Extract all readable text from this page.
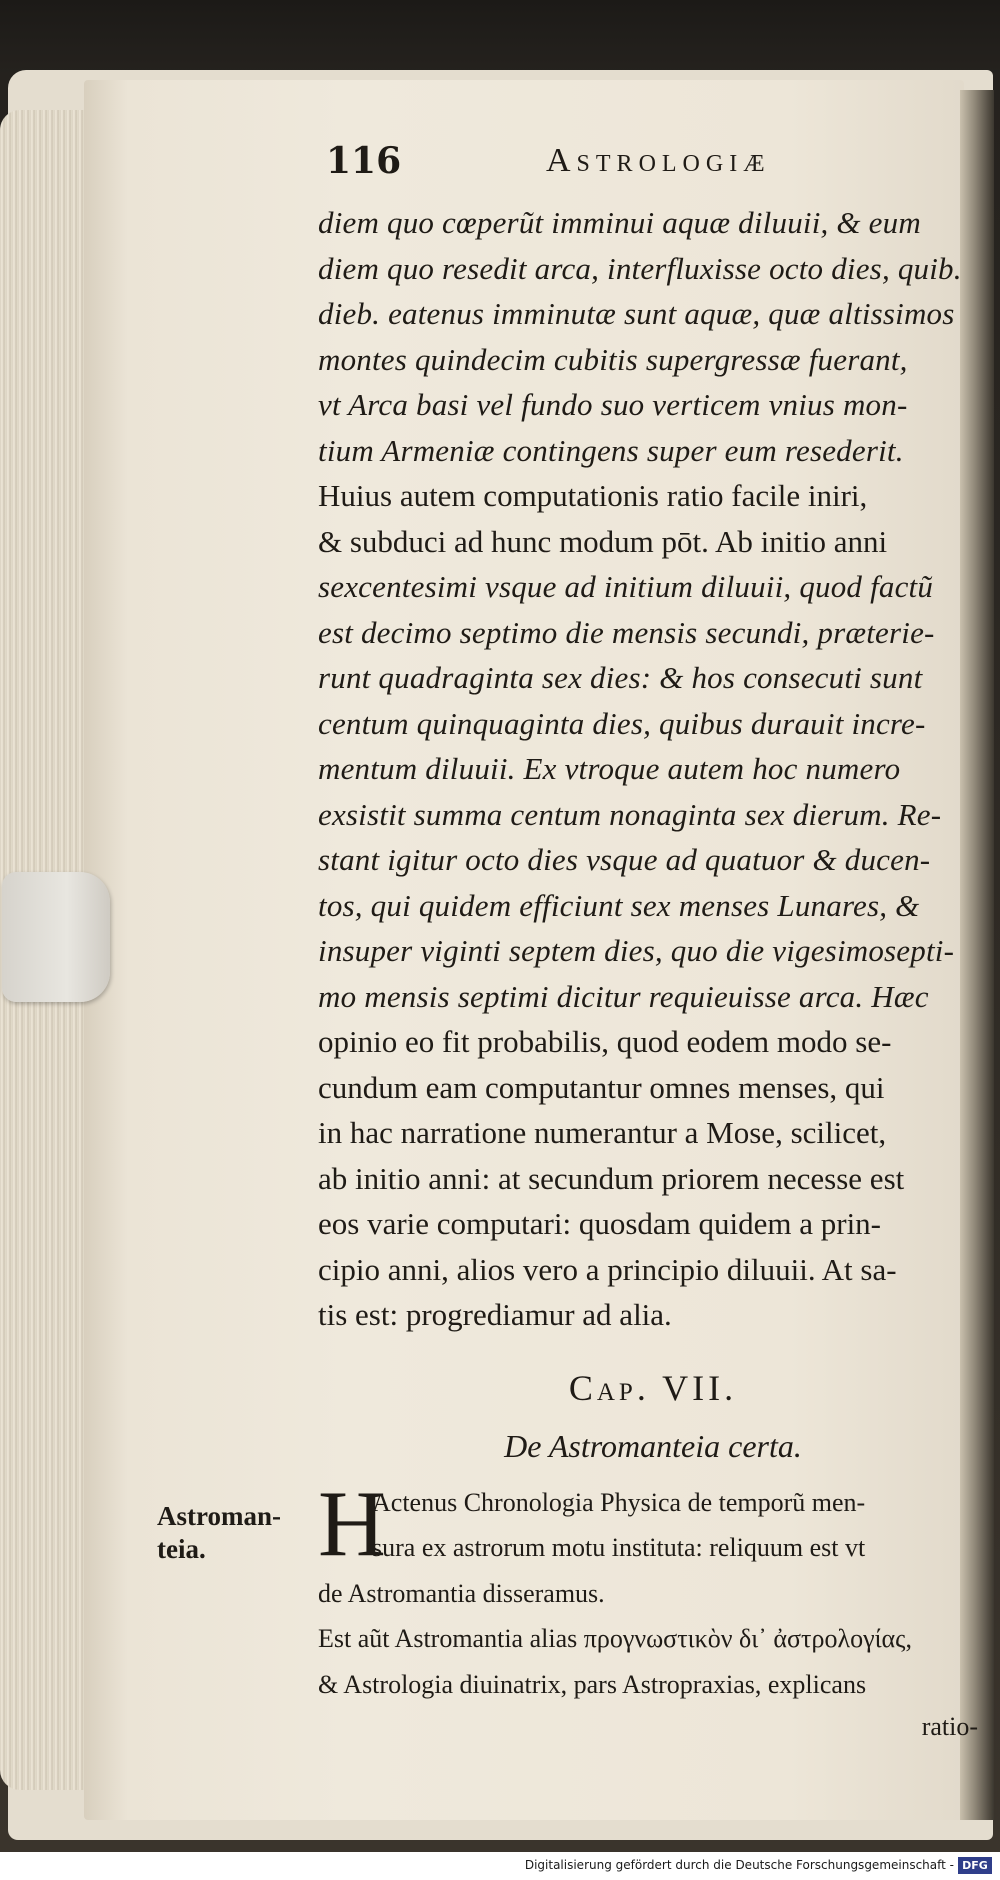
116	Astrologiæ
diem quo cœperũt imminui aquæ diluuii, & eum
diem quo resedit arca, interfluxisse octo dies, quib.
dieb. eatenus imminutæ sunt aquæ, quæ altissimos
montes quindecim cubitis supergressæ fuerant,
vt Arca basi vel fundo suo verticem vnius mon-
tium Armeniæ contingens super eum resederit.
Huius autem computationis ratio facile iniri,
& subduci ad hunc modum pōt. Ab initio anni
sexcentesimi vsque ad initium diluuii, quod factũ
est decimo septimo die mensis secundi, præterie-
runt quadraginta sex dies: & hos consecuti sunt
centum quinquaginta dies, quibus durauit incre-
mentum diluuii. Ex vtroque autem hoc numero
exsistit summa centum nonaginta sex dierum. Re-
stant igitur octo dies vsque ad quatuor & ducen-
tos, qui quidem efficiunt sex menses Lunares, &
insuper viginti septem dies, quo die vigesimosepti-
mo mensis septimi dicitur requieuisse arca. Hæc
opinio eo fit probabilis, quod eodem modo se-
cundum eam computantur omnes menses, qui
in hac narratione numerantur a Mose, scilicet,
ab initio anni: at secundum priorem necesse est
eos varie computari: quosdam quidem a prin-
cipio anni, alios vero a principio diluuii. At sa-
tis est: progrediamur ad alia.
Cap. VII.
De Astromanteia certa.
H
Actenus Chronologia Physica de temporũ men-
sura ex astrorum motu instituta: reliquum est vt
de Astromantia disseramus.
Est aũt Astromantia alias προγνωστικὸν δι᾽ ἀστρολογίας,
& Astrologia diuinatrix, pars Astropraxias, explicans
ratio-
Astroman-
teia.
Digitalisierung gefördert durch die Deutsche Forschungsgemeinschaft - DFG
